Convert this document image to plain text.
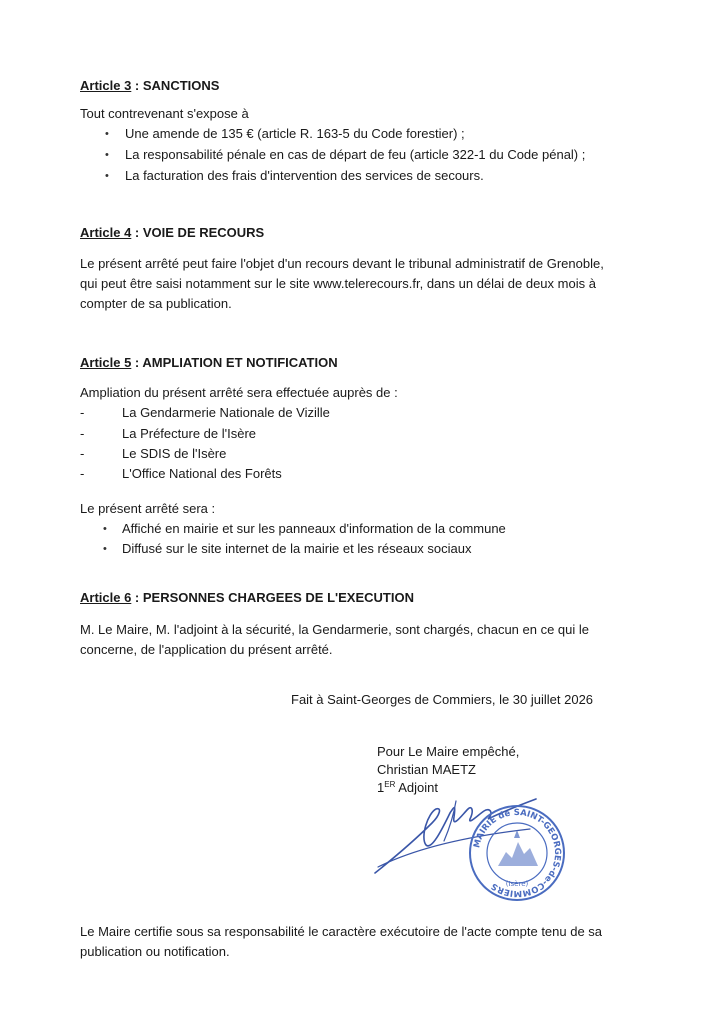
Article 3 : SANCTIONS
Tout contrevenant s'expose à
• Une amende de 135 € (article R. 163-5 du Code forestier) ;
• La responsabilité pénale en cas de départ de feu (article 322-1 du Code pénal) ;
• La facturation des frais d'intervention des services de secours.
Article 4 : VOIE DE RECOURS
Le présent arrêté peut faire l'objet d'un recours devant le tribunal administratif de Grenoble,
qui peut être saisi notamment sur le site www.telerecours.fr, dans un délai de deux mois à
compter de sa publication.
Article 5 : AMPLIATION ET NOTIFICATION
Ampliation du présent arrêté sera effectuée auprès de :
-	La Gendarmerie Nationale de Vizille
-	La Préfecture de l'Isère
-	Le SDIS de l'Isère
-	L'Office National des Forêts
Le présent arrêté sera :
• Affiché en mairie et sur les panneaux d'information de la commune
• Diffusé sur le site internet de la mairie et les réseaux sociaux
Article 6 : PERSONNES CHARGEES DE L'EXECUTION
M. Le Maire, M. l'adjoint à la sécurité, la Gendarmerie, sont chargés, chacun en ce qui le
concerne, de l'application du présent arrêté.
Fait à Saint-Georges de Commiers, le 30 juillet 2026
Pour Le Maire empêché,
Christian MAETZ
1ER Adjoint
MAIRIE de SAINT-GEORGES-de-COMMIERS (Isère)
Le Maire certifie sous sa responsabilité le caractère exécutoire de l'acte compte tenu de sa
publication ou notification.
